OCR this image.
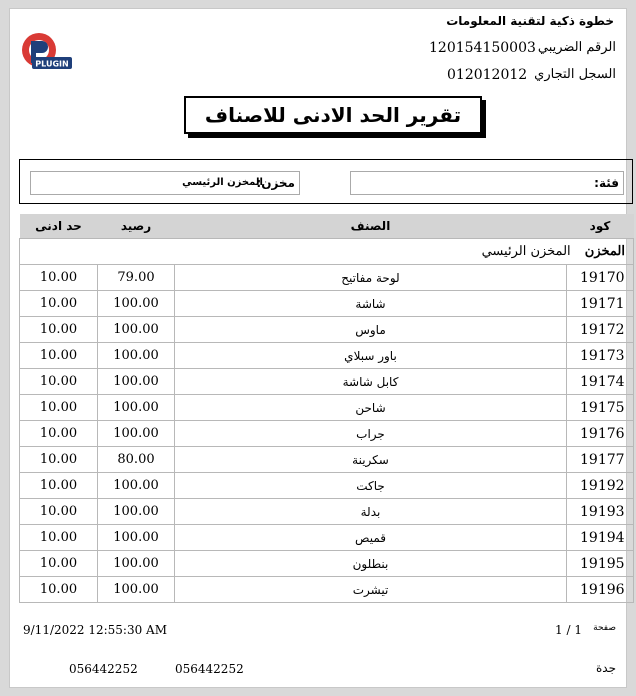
خطوة ذكية لتقنية المعلومات
الرقم الضريبي
120154150003
السجل التجاري
012012012
PLUGIN
تقرير الحد الادنى للاصناف
فئة:
مخزن:
المخزن الرئيسي
حد ادنى	رصيد	الصنف	كود
المخزن المخزن الرئيسي			
10.00	79.00	لوحة مفاتيح	19170
10.00	100.00	شاشة	19171
10.00	100.00	ماوس	19172
10.00	100.00	باور سبلاي	19173
10.00	100.00	كابل شاشة	19174
10.00	100.00	شاحن	19175
10.00	100.00	جراب	19176
10.00	80.00	سكرينة	19177
10.00	100.00	جاكت	19192
10.00	100.00	بدلة	19193
10.00	100.00	قميص	19194
10.00	100.00	بنطلون	19195
10.00	100.00	تيشرت	19196
9/11/2022 12:55:30 AM	1 / 1 صفحة
056442252	056442252	جدة
